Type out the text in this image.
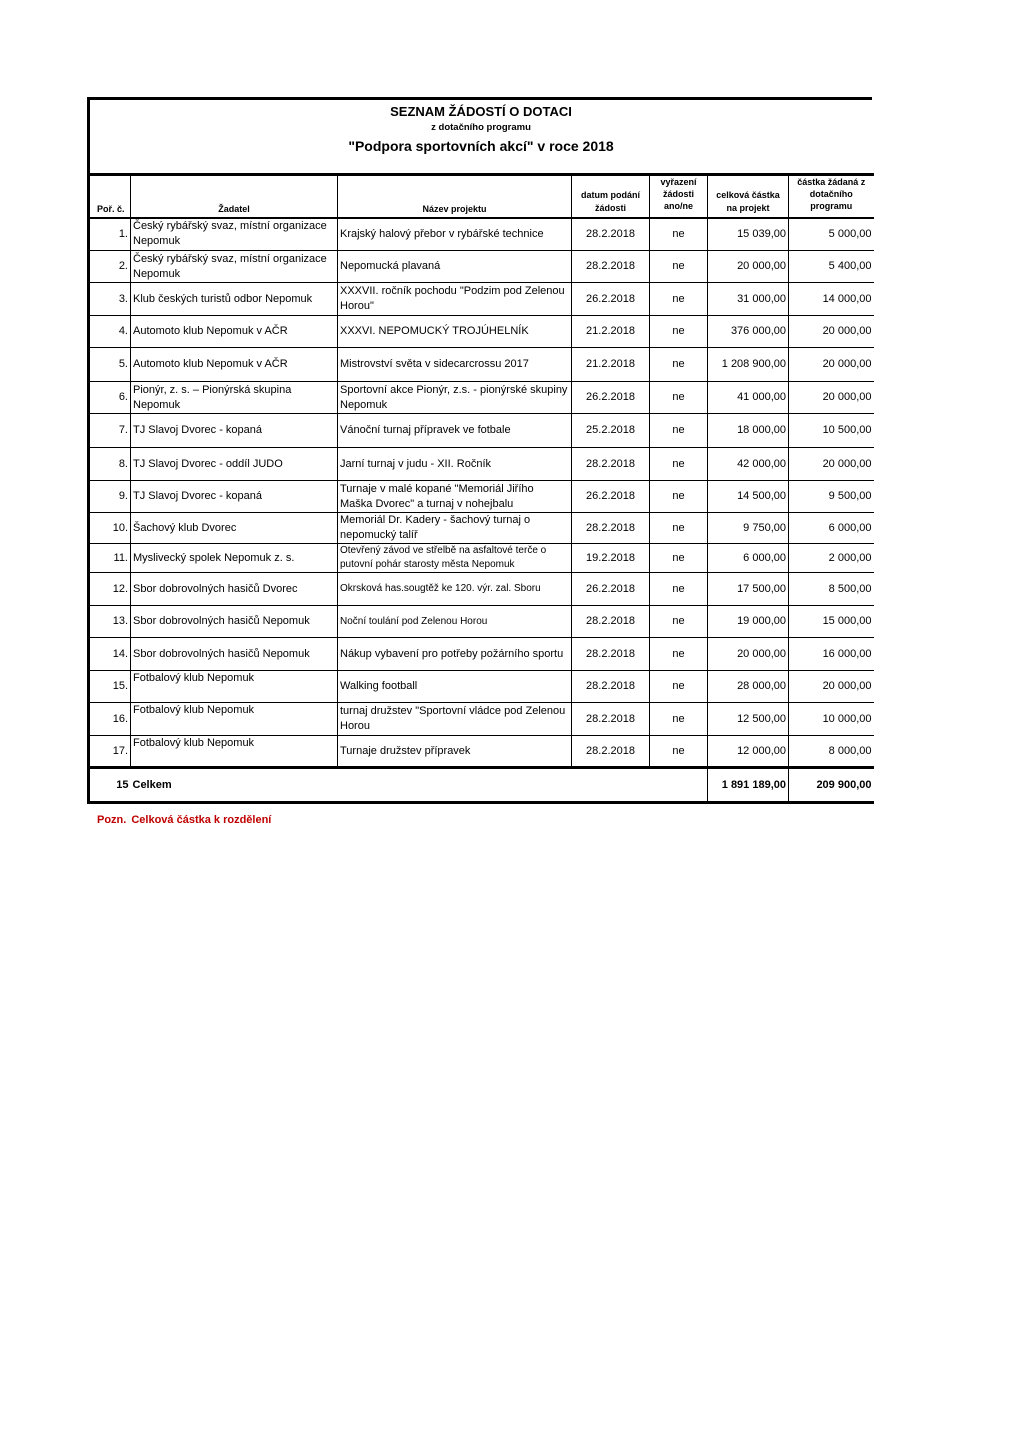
SEZNAM ŽÁDOSTÍ O DOTACI
z dotačního programu
"Podpora sportovních akcí" v roce 2018
Poř. č.	Žadatel	Název projektu	datum podání žádosti	vyřazení žádosti ano/ne	celková částka na projekt	částka žádaná z dotačního programu
1.	Český rybářský svaz, místní organizace Nepomuk	Krajský halový přebor v rybářské technice	28.2.2018	ne	15 039,00	5 000,00
2.	Český rybářský svaz, místní organizace Nepomuk	Nepomucká plavaná	28.2.2018	ne	20 000,00	5 400,00
3.	Klub českých turistů odbor Nepomuk	XXXVII. ročník pochodu "Podzim pod Zelenou Horou"	26.2.2018	ne	31 000,00	14 000,00
4.	Automoto klub Nepomuk v AČR	XXXVI. NEPOMUCKÝ TROJÚHELNÍK	21.2.2018	ne	376 000,00	20 000,00
5.	Automoto klub Nepomuk v AČR	Mistrovství světa v sidecarcrossu 2017	21.2.2018	ne	1 208 900,00	20 000,00
6.	Pionýr, z. s. – Pionýrská skupina Nepomuk	Sportovní akce Pionýr, z.s. - pionýrské skupiny Nepomuk	26.2.2018	ne	41 000,00	20 000,00
7.	TJ Slavoj Dvorec - kopaná	Vánoční turnaj přípravek ve fotbale	25.2.2018	ne	18 000,00	10 500,00
8.	TJ Slavoj Dvorec - oddíl JUDO	Jarní turnaj v judu - XII. Ročník	28.2.2018	ne	42 000,00	20 000,00
9.	TJ Slavoj Dvorec - kopaná	Turnaje v malé kopané "Memoriál Jiřího Maška Dvorec" a turnaj v nohejbalu	26.2.2018	ne	14 500,00	9 500,00
10.	Šachový klub Dvorec	Memoriál Dr. Kadery - šachový turnaj o nepomucký talíř	28.2.2018	ne	9 750,00	6 000,00
11.	Myslivecký spolek Nepomuk z. s.	Otevřený závod ve střelbě na asfaltové terče o putovní pohár starosty města Nepomuk	19.2.2018	ne	6 000,00	2 000,00
12.	Sbor dobrovolných hasičů Dvorec	Okrsková has.sougtěž ke 120. výr. zal. Sboru	26.2.2018	ne	17 500,00	8 500,00
13.	Sbor dobrovolných hasičů Nepomuk	Noční toulání pod Zelenou Horou	28.2.2018	ne	19 000,00	15 000,00
14.	Sbor dobrovolných hasičů Nepomuk	Nákup vybavení pro potřeby požárního sportu	28.2.2018	ne	20 000,00	16 000,00
15.	Fotbalový klub Nepomuk	Walking football	28.2.2018	ne	28 000,00	20 000,00
16.	Fotbalový klub Nepomuk	turnaj družstev "Sportovní vládce pod Zelenou Horou	28.2.2018	ne	12 500,00	10 000,00
17.	Fotbalový klub Nepomuk	Turnaje družstev přípravek	28.2.2018	ne	12 000,00	8 000,00
15	Celkem				1 891 189,00	209 900,00
Pozn. Celková částka k rozdělení
